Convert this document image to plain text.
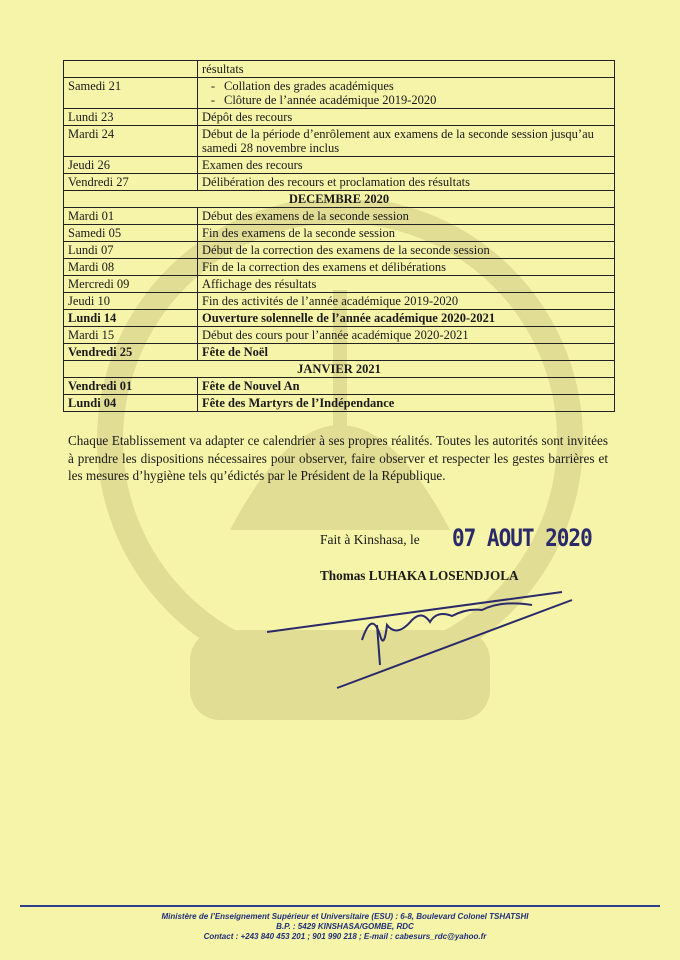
	résultats
Samedi 21	- Collation des grades académiques
- Clôture de l’année académique 2019-2020

Lundi 23	Dépôt des recours
Mardi 24	Début de la période d’enrôlement aux examens de la seconde session jusqu’au samedi 28 novembre inclus
Jeudi 26	Examen des recours
Vendredi 27	Délibération des recours et proclamation des résultats
DECEMBRE 2020	
Mardi 01	Début des examens de la seconde session
Samedi 05	Fin des examens de la seconde session
Lundi 07	Début de la correction des examens de la seconde session
Mardi 08	Fin de la correction des examens et délibérations
Mercredi 09	Affichage des résultats
Jeudi 10	Fin des activités de l’année académique 2019-2020
Lundi 14	Ouverture solennelle de l’année académique 2020-2021
Mardi 15	Début des cours pour l’année académique 2020-2021
Vendredi 25	Fête de Noël
JANVIER 2021	
Vendredi 01	Fête de Nouvel An
Lundi 04	Fête des Martyrs de l’Indépendance
Chaque Etablissement va adapter ce calendrier à ses propres réalités. Toutes les autorités sont invitées à prendre les dispositions nécessaires pour observer, faire observer et respecter les gestes barrières et les mesures d’hygiène tels qu’édictés par le Président de la République.
Fait à Kinshasa, le 07 AOUT 2020
Thomas LUHAKA LOSENDJOLA
Ministère de l’Enseignement Supérieur et Universitaire (ESU) : 6-8, Boulevard Colonel TSHATSHI
B.P. : 5429 KINSHASA/GOMBE, RDC
Contact : +243 840 453 201 ; 901 990 218 ; E-mail : cabesurs_rdc@yahoo.fr
